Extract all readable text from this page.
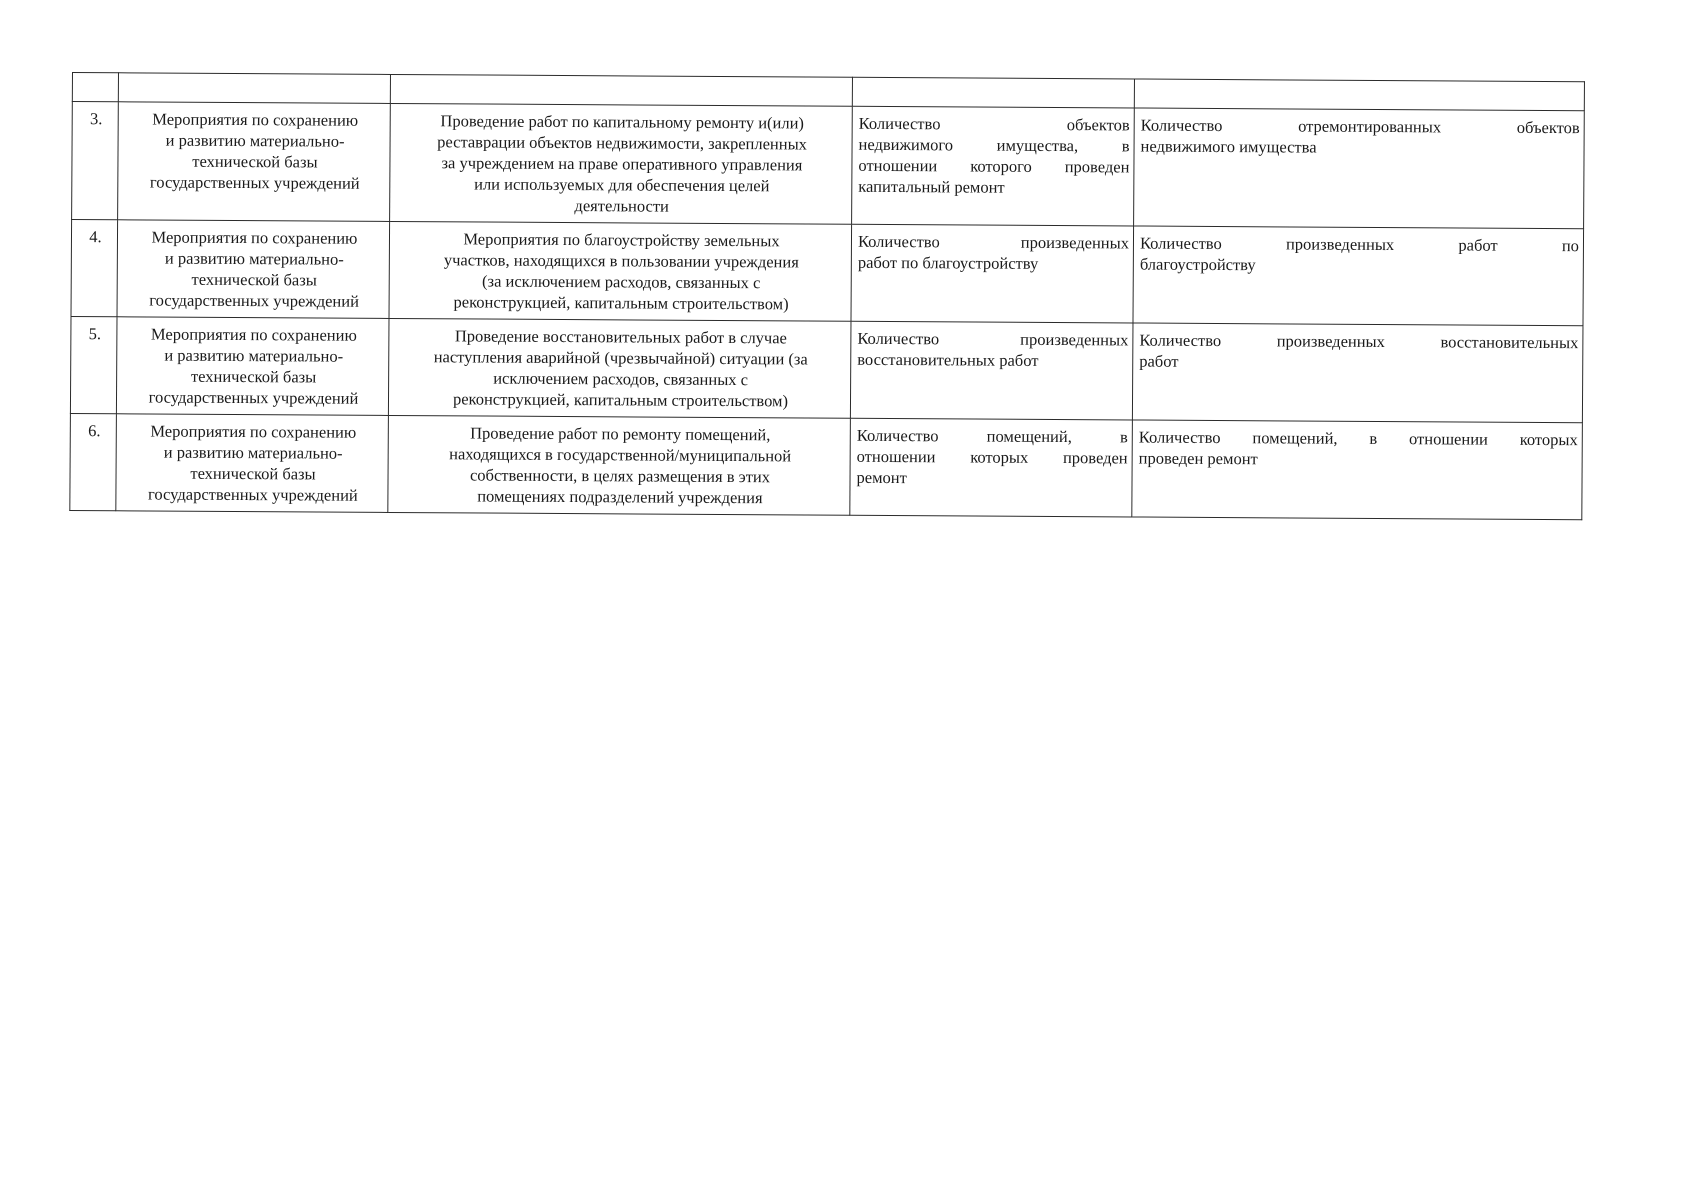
3.	Мероприятия по сохранению
и развитию материально-
технической базы
государственных учреждений	Проведение работ по капитальному ремонту и(или)
реставрации объектов недвижимости, закрепленных
за учреждением на праве оперативного управления
или используемых для обеспечения целей
деятельности	Количество объектов
недвижимого имущества, в
отношении которого проведен
капитальный ремонт	Количество отремонтированных объектов
недвижимого имущества

4.	Мероприятия по сохранению
и развитию материально-
технической базы
государственных учреждений	Мероприятия по благоустройству земельных
участков, находящихся в пользовании учреждения
(за исключением расходов, связанных с
реконструкцией, капитальным строительством)	Количество произведенных
работ по благоустройству	Количество произведенных работ по
благоустройству

5.	Мероприятия по сохранению
и развитию материально-
технической базы
государственных учреждений	Проведение восстановительных работ в случае
наступления аварийной (чрезвычайной) ситуации (за
исключением расходов, связанных с
реконструкцией, капитальным строительством)	Количество произведенных
восстановительных работ	Количество произведенных восстановительных
работ

6.	Мероприятия по сохранению
и развитию материально-
технической базы
государственных учреждений	Проведение работ по ремонту помещений,
находящихся в государственной/муниципальной
собственности, в целях размещения в этих
помещениях подразделений учреждения	Количество помещений, в
отношении которых проведен
ремонт	Количество помещений, в отношении которых
проведен ремонт
